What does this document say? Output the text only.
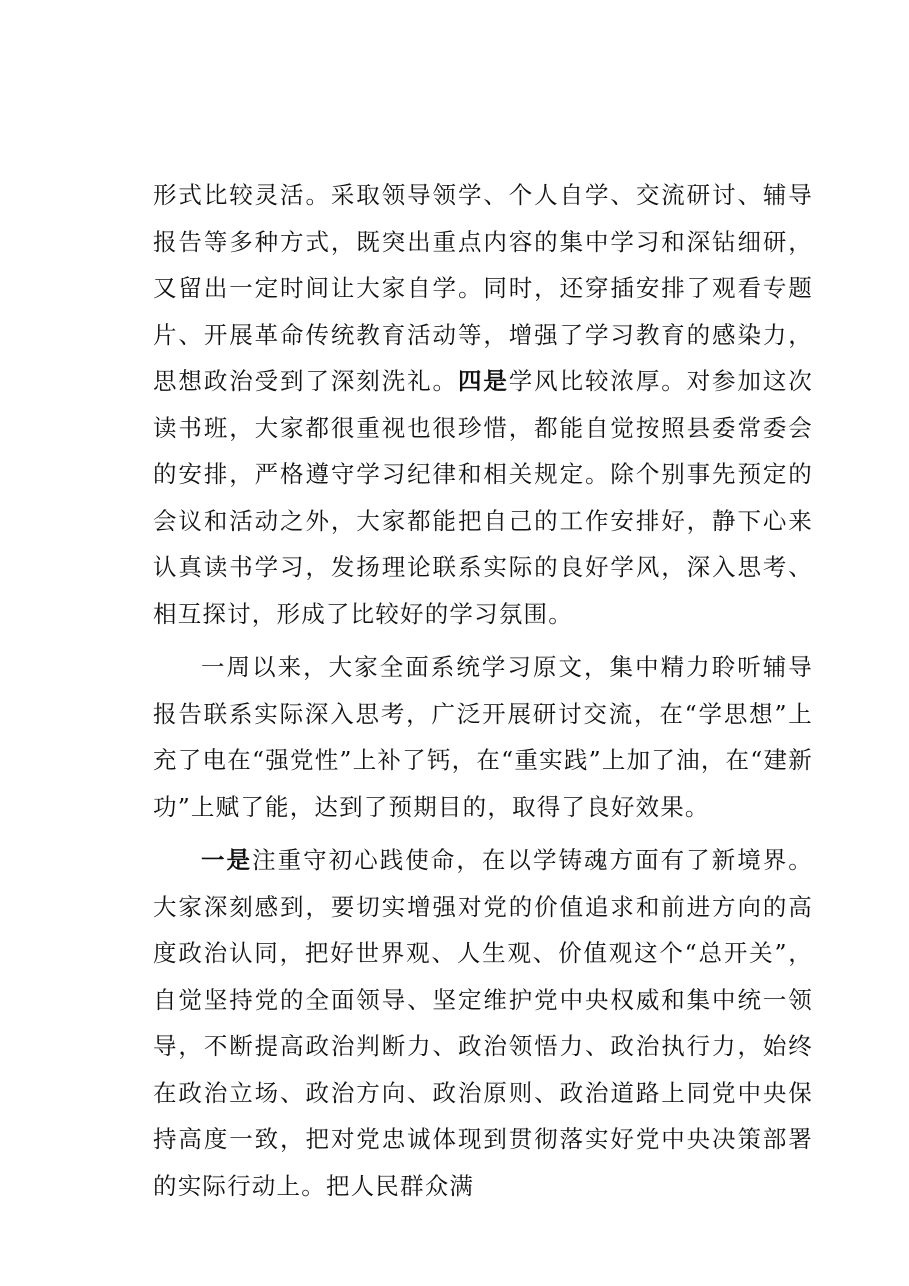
形式比较灵活。采取领导领学、个人自学、交流研讨、辅导报告等多种方式，既突出重点内容的集中学习和深钻细研，又留出一定时间让大家自学。同时，还穿插安排了观看专题片、开展革命传统教育活动等，增强了学习教育的感染力，思想政治受到了深刻洗礼。四是学风比较浓厚。对参加这次读书班，大家都很重视也很珍惜，都能自觉按照县委常委会的安排，严格遵守学习纪律和相关规定。除个别事先预定的会议和活动之外，大家都能把自己的工作安排好，静下心来认真读书学习，发扬理论联系实际的良好学风，深入思考、相互探讨，形成了比较好的学习氛围。

一周以来，大家全面系统学习原文，集中精力聆听辅导报告联系实际深入思考，广泛开展研讨交流，在“学思想”上充了电在“强党性”上补了钙，在“重实践”上加了油，在“建新功”上赋了能，达到了预期目的，取得了良好效果。

一是注重守初心践使命，在以学铸魂方面有了新境界。大家深刻感到，要切实增强对党的价值追求和前进方向的高度政治认同，把好世界观、人生观、价值观这个“总开关”，自觉坚持党的全面领导、坚定维护党中央权威和集中统一领导，不断提高政治判断力、政治领悟力、政治执行力，始终在政治立场、政治方向、政治原则、政治道路上同党中央保持高度一致，把对党忠诚体现到贯彻落实好党中央决策部署的实际行动上。把人民群众满
